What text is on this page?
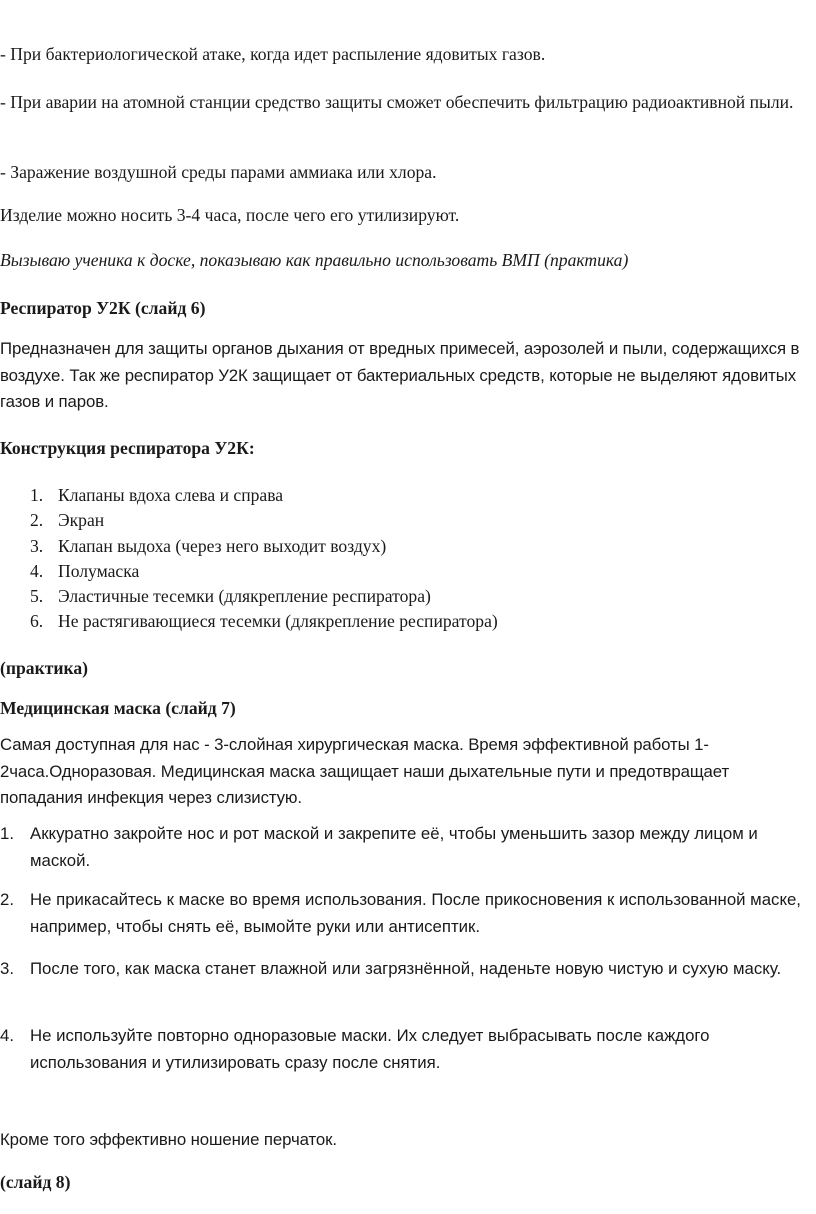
- При бактериологической атаке, когда идет распыление ядовитых газов.
- При аварии на атомной станции средство защиты сможет обеспечить фильтрацию радиоактивной пыли.
- Заражение воздушной среды парами аммиака или хлора.
Изделие можно носить 3-4 часа, после чего его утилизируют.
Вызываю ученика к доске, показываю как правильно использовать ВМП (практика)
Респиратор У2К (слайд 6)
Предназначен для защиты органов дыхания от вредных примесей, аэрозолей и пыли, содержащихся в воздухе. Так же респиратор У2К защищает от бактериальных средств, которые не выделяют ядовитых газов и паров.
Конструкция респиратора У2К:
1. Клапаны вдоха слева и справа
2. Экран
3. Клапан выдоха (через него выходит воздух)
4. Полумаска
5. Эластичные тесемки (длякрепление респиратора)
6. Не растягивающиеся тесемки (длякрепление респиратора)
(практика)
Медицинская маска (слайд 7)
Самая доступная для нас - 3-слойная хирургическая маска. Время эффективной работы 1-2часа.Одноразовая. Медицинская маска защищает наши дыхательные пути и предотвращает попадания инфекция через слизистую.
1. Аккуратно закройте нос и рот маской и закрепите её, чтобы уменьшить зазор между лицом и маской.
2. Не прикасайтесь к маске во время использования. После прикосновения к использованной маске, например, чтобы снять её, вымойте руки или антисептик.
3. После того, как маска станет влажной или загрязнённой, наденьте новую чистую и сухую маску.
4. Не используйте повторно одноразовые маски. Их следует выбрасывать после каждого использования и утилизировать сразу после снятия.
Кроме того эффективно ношение перчаток.
(слайд 8)
